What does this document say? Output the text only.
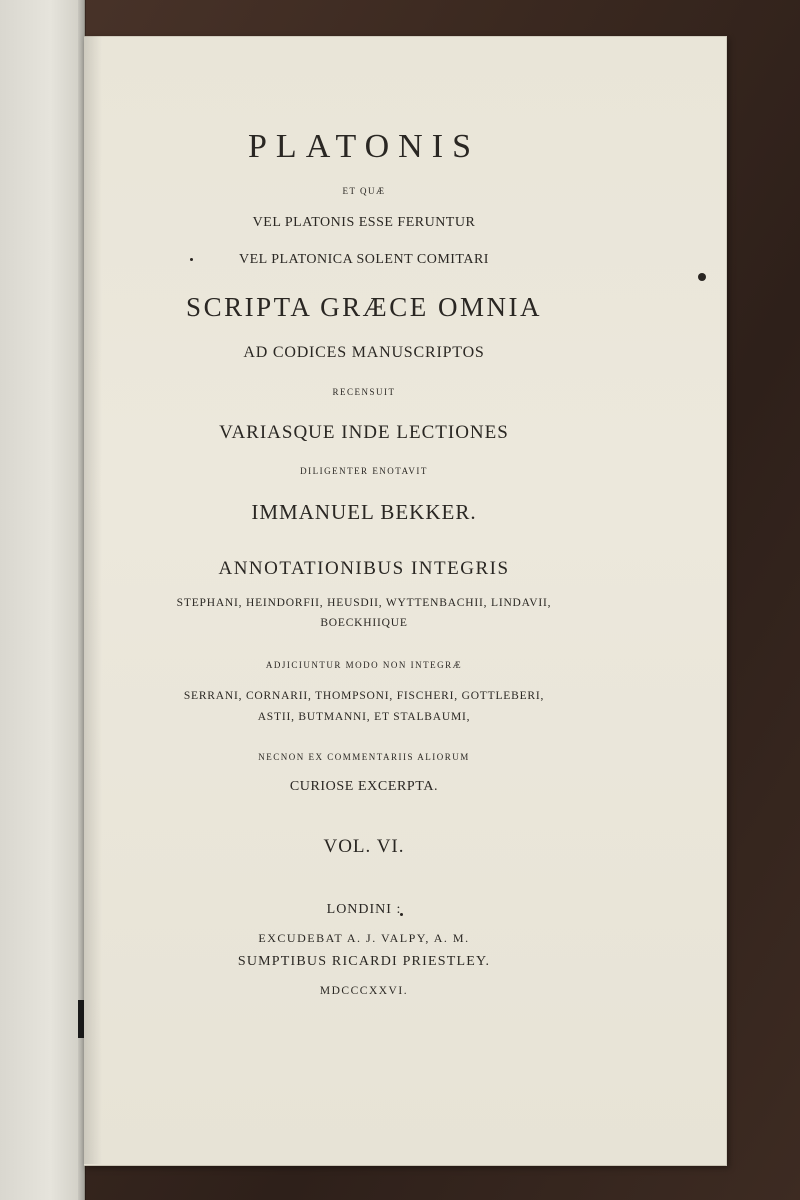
PLATONIS
ET QUÆ
VEL PLATONIS ESSE FERUNTUR
VEL PLATONICA SOLENT COMITARI
SCRIPTA GRÆCE OMNIA
AD CODICES MANUSCRIPTOS
RECENSUIT
VARIASQUE INDE LECTIONES
DILIGENTER ENOTAVIT
IMMANUEL BEKKER.
ANNOTATIONIBUS INTEGRIS
STEPHANI, HEINDORFII, HEUSDII, WYTTENBACHII, LINDAVII,
BOECKHIIQUE
ADJICIUNTUR MODO NON INTEGRÆ
SERRANI, CORNARII, THOMPSONI, FISCHERI, GOTTLEBERI,
ASTII, BUTMANNI, ET STALBAUMI,
NECNON EX COMMENTARIIS ALIORUM
CURIOSE EXCERPTA.
VOL. VI.
LONDINI :
EXCUDEBAT A. J. VALPY, A. M.
SUMPTIBUS RICARDI PRIESTLEY.
MDCCCXXVI.
